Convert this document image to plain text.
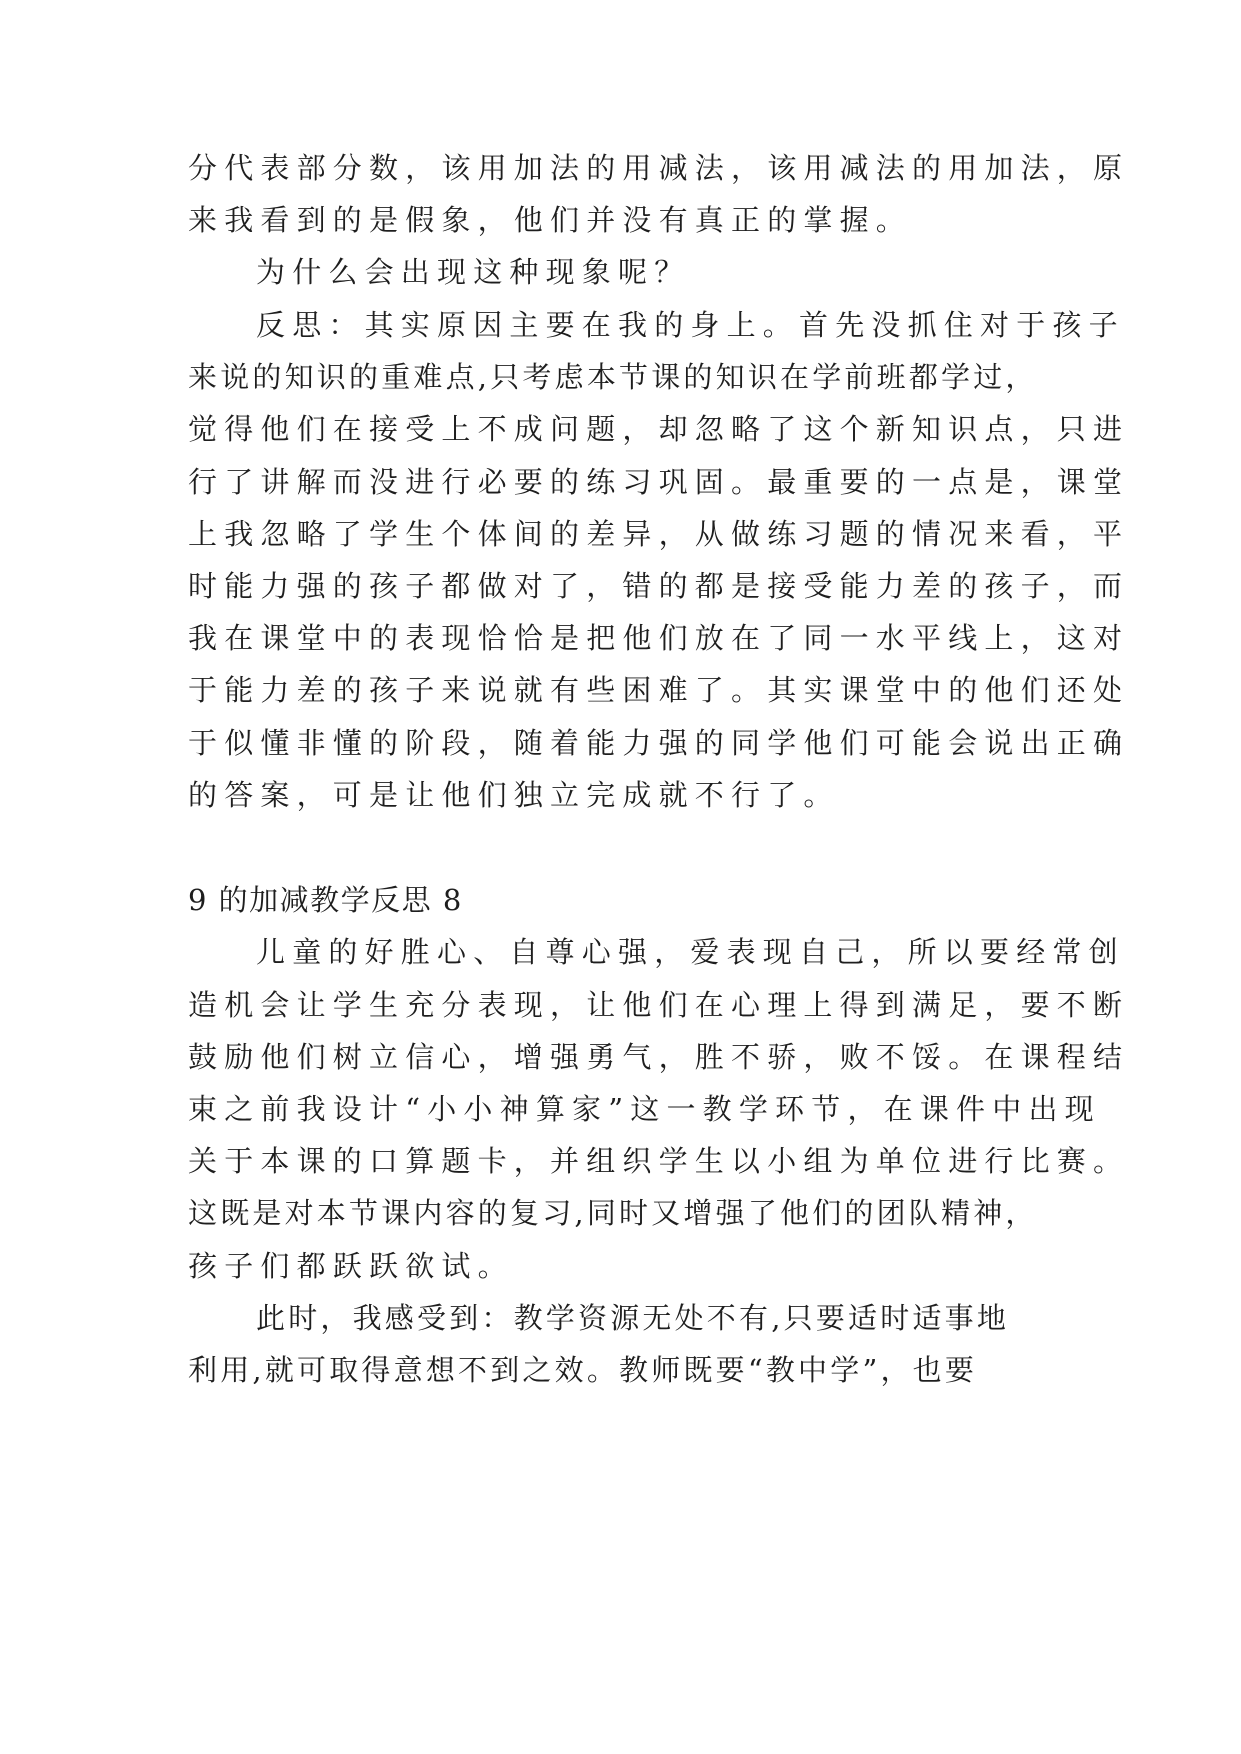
分代表部分数，该用加法的用减法，该用减法的用加法，原

来我看到的是假象，他们并没有真正的掌握。

为什么会出现这种现象呢？

反思：其实原因主要在我的身上。首先没抓住对于孩子

来说的知识的重难点,只考虑本节课的知识在学前班都学过，

觉得他们在接受上不成问题，却忽略了这个新知识点，只进

行了讲解而没进行必要的练习巩固。最重要的一点是，课堂

上我忽略了学生个体间的差异，从做练习题的情况来看，平

时能力强的孩子都做对了，错的都是接受能力差的孩子，而

我在课堂中的表现恰恰是把他们放在了同一水平线上，这对

于能力差的孩子来说就有些困难了。其实课堂中的他们还处

于似懂非懂的阶段，随着能力强的同学他们可能会说出正确

的答案，可是让他们独立完成就不行了。

9 的加减教学反思 8

儿童的好胜心、自尊心强，爱表现自己，所以要经常创

造机会让学生充分表现，让他们在心理上得到满足，要不断

鼓励他们树立信心，增强勇气，胜不骄，败不馁。在课程结

束之前我设计“小小神算家”这一教学环节，在课件中出现

关于本课的口算题卡，并组织学生以小组为单位进行比赛。

这既是对本节课内容的复习,同时又增强了他们的团队精神，

孩子们都跃跃欲试。

此时，我感受到：教学资源无处不有,只要适时适事地

利用,就可取得意想不到之效。教师既要“教中学”，也要
